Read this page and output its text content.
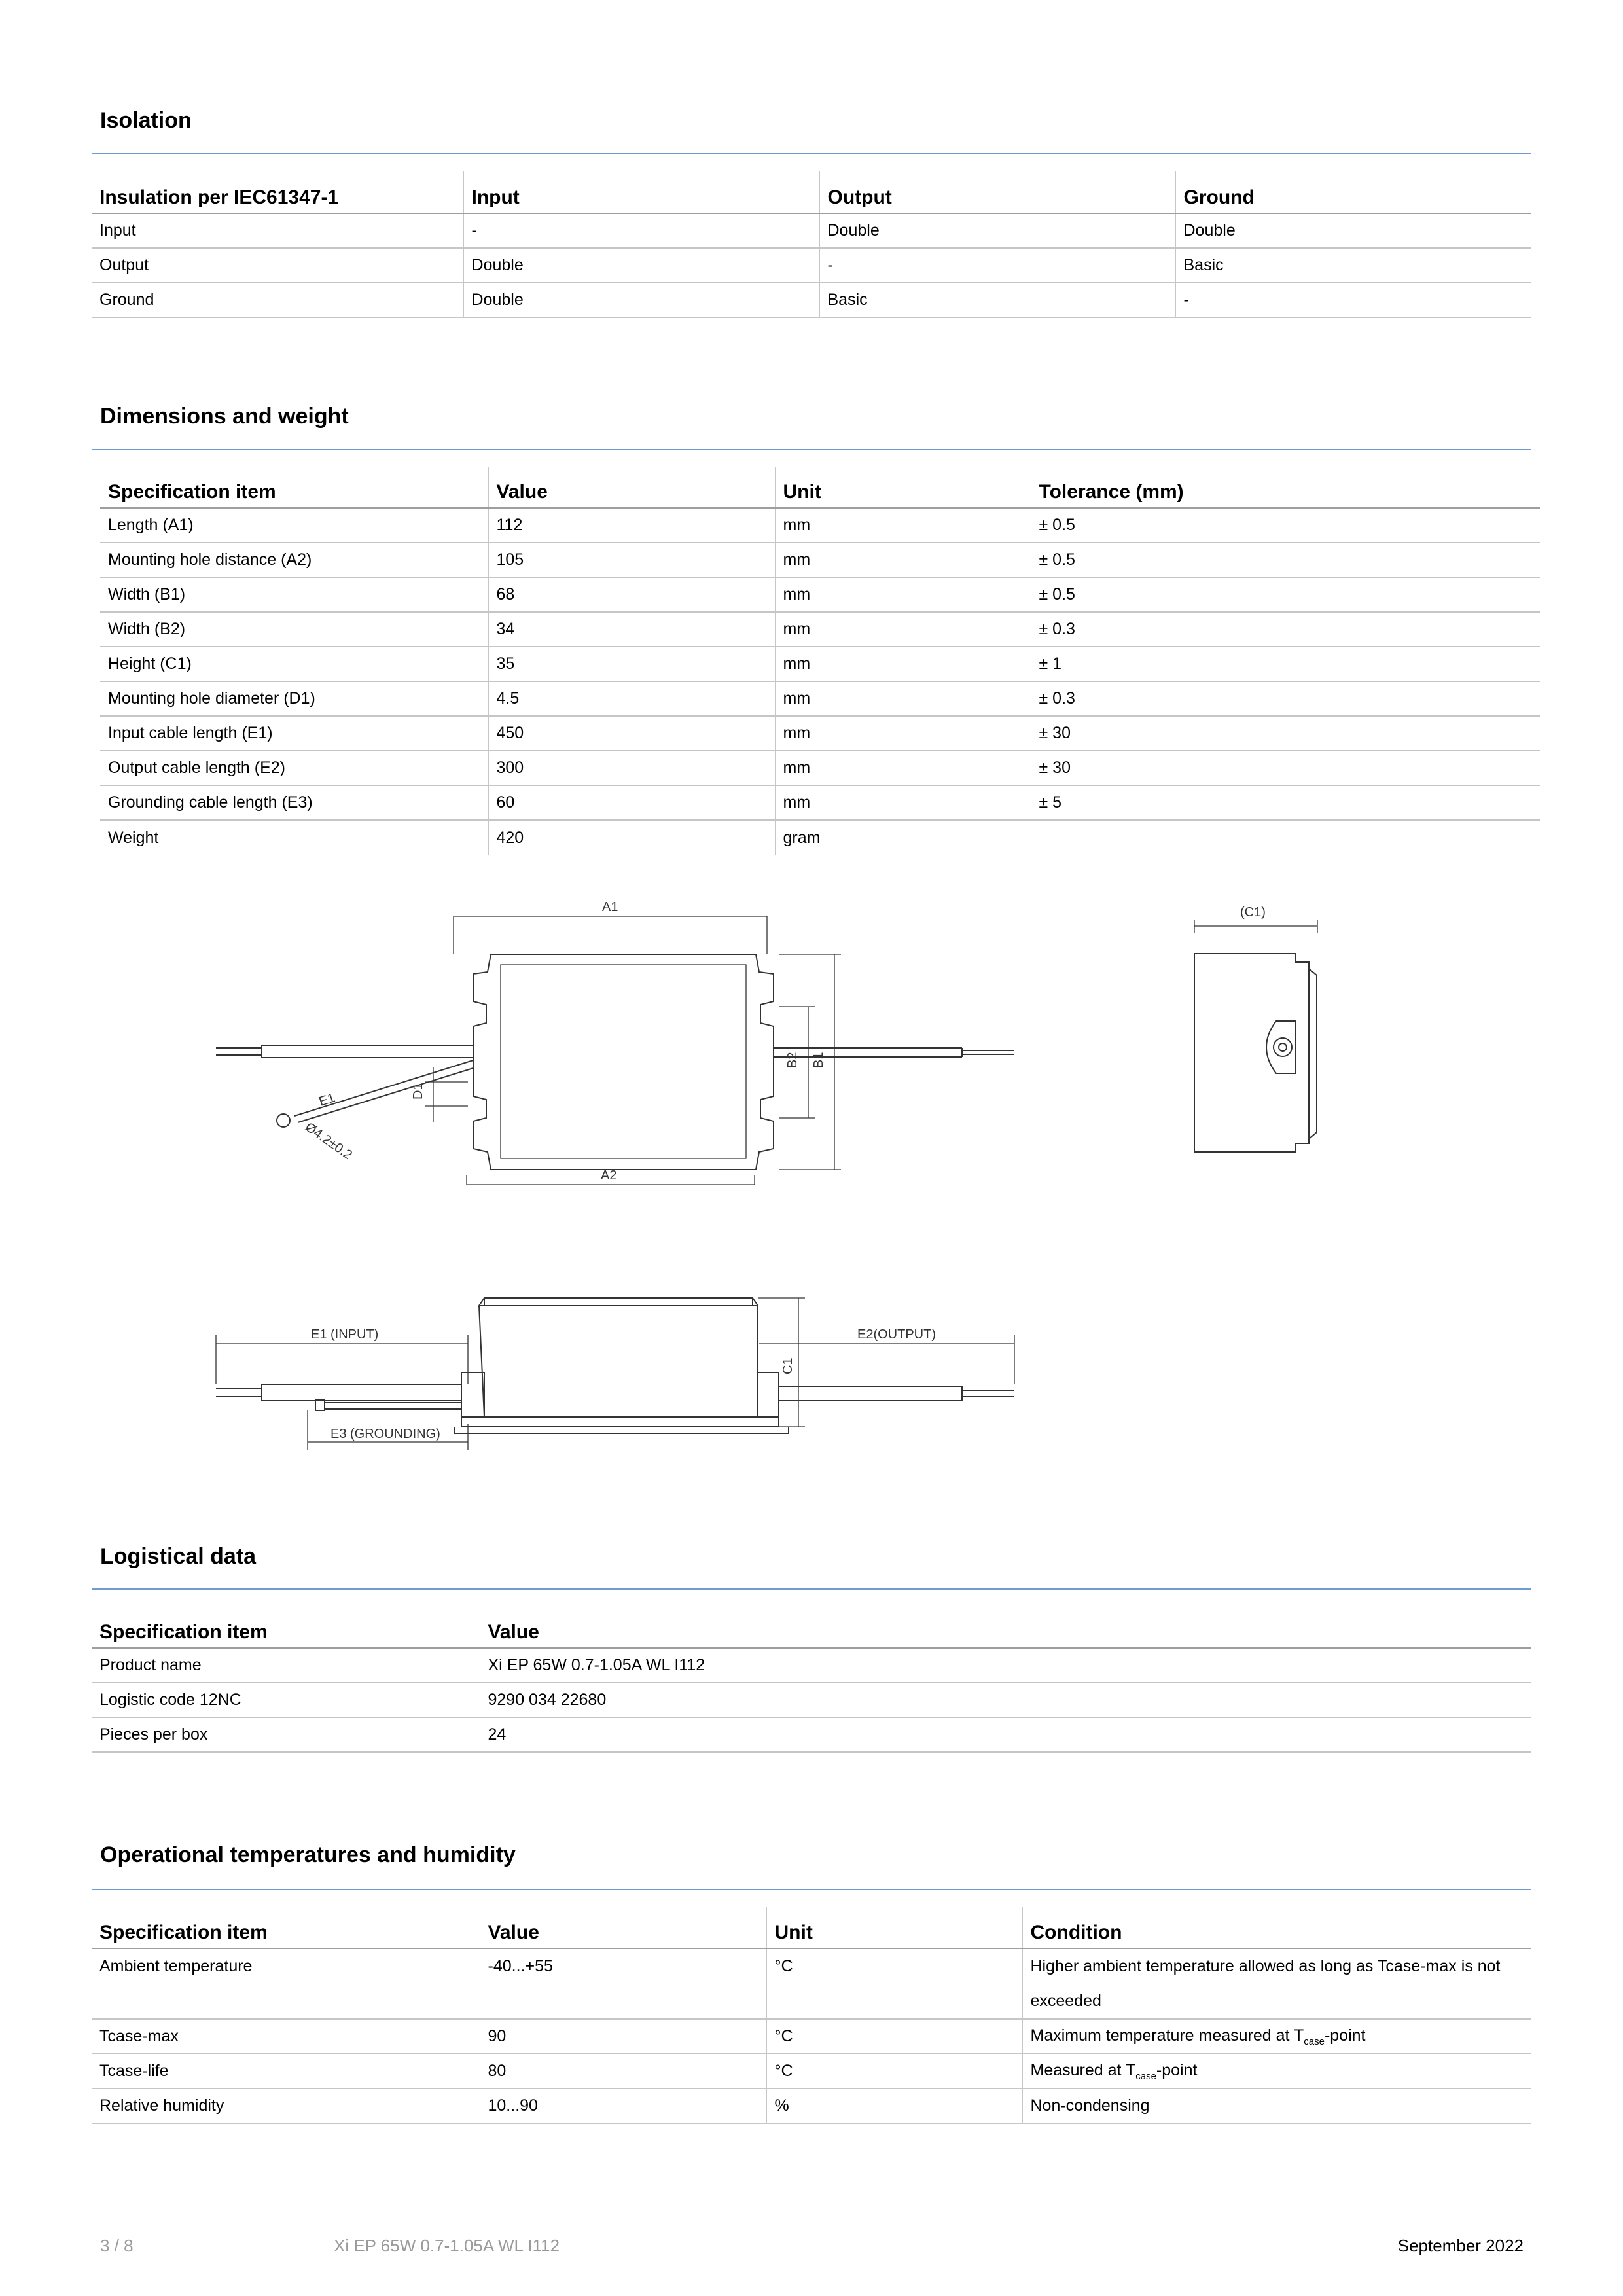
Isolation
Insulation per IEC61347-1	Input	Output	Ground
Input	-	Double	Double
Output	Double	-	Basic
Ground	Double	Basic	-
Dimensions and weight
Specification item	Value	Unit	Tolerance (mm)
Length (A1)	112	mm	± 0.5
Mounting hole distance (A2)	105	mm	± 0.5
Width (B1)	68	mm	± 0.5
Width (B2)	34	mm	± 0.3
Height (C1)	35	mm	± 1
Mounting hole diameter (D1)	4.5	mm	± 0.3
Input cable length (E1)	450	mm	± 30
Output cable length (E2)	300	mm	± 30
Grounding cable length (E3)	60	mm	± 5
Weight	420	gram	
A1
A2
B1
B2
D1
E1
Ø4.2±0.2
(C1)
E1 (INPUT)	E2(OUTPUT)
C1
E3 (GROUNDING)
Logistical data
Specification item	Value
Product name	Xi EP 65W 0.7-1.05A WL I112
Logistic code 12NC	9290 034 22680
Pieces per box	24
Operational temperatures and humidity
Specification item	Value	Unit	Condition
Ambient temperature	-40...+55	°C	Higher ambient temperature allowed as long as Tcase-max is not exceeded
Tcase-max	90	°C	Maximum temperature measured at $T_{case}$-point
Tcase-life	80	°C	Measured at $T_{case}$-point
Relative humidity	10...90	%	Non-condensing
3 / 8	Xi EP 65W 0.7-1.05A WL I112	September 2022
